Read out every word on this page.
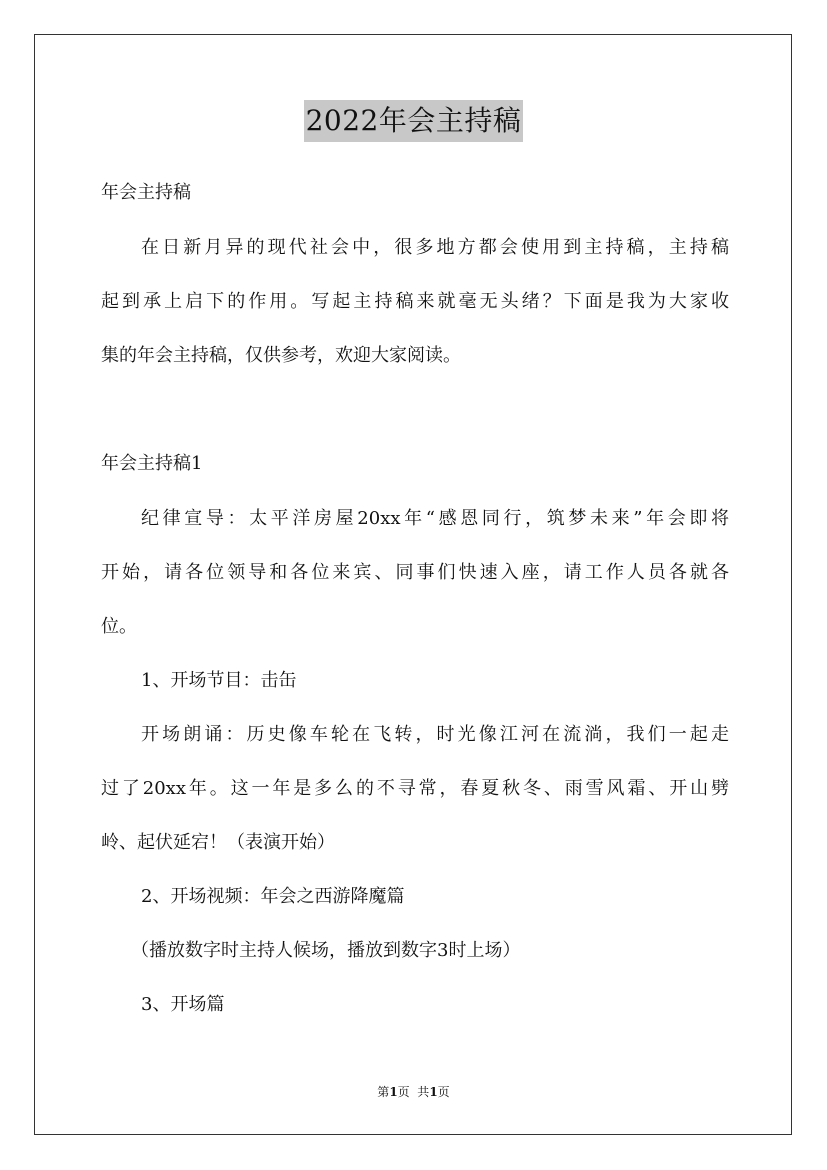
2022年会主持稿
年会主持稿
在日新月异的现代社会中，很多地方都会使用到主持稿，主持稿
起到承上启下的作用。写起主持稿来就毫无头绪？下面是我为大家收
集的年会主持稿，仅供参考，欢迎大家阅读。
年会主持稿1
纪律宣导：太平洋房屋20xx年“感恩同行，筑梦未来”年会即将
开始，请各位领导和各位来宾、同事们快速入座，请工作人员各就各
位。
1、开场节目：击缶
开场朗诵：历史像车轮在飞转，时光像江河在流淌，我们一起走
过了20xx年。这一年是多么的不寻常，春夏秋冬、雨雪风霜、开山劈
岭、起伏延宕！（表演开始）
2、开场视频：年会之西游降魔篇
（播放数字时主持人候场，播放到数字3时上场）
3、开场篇
第1页  共1页
